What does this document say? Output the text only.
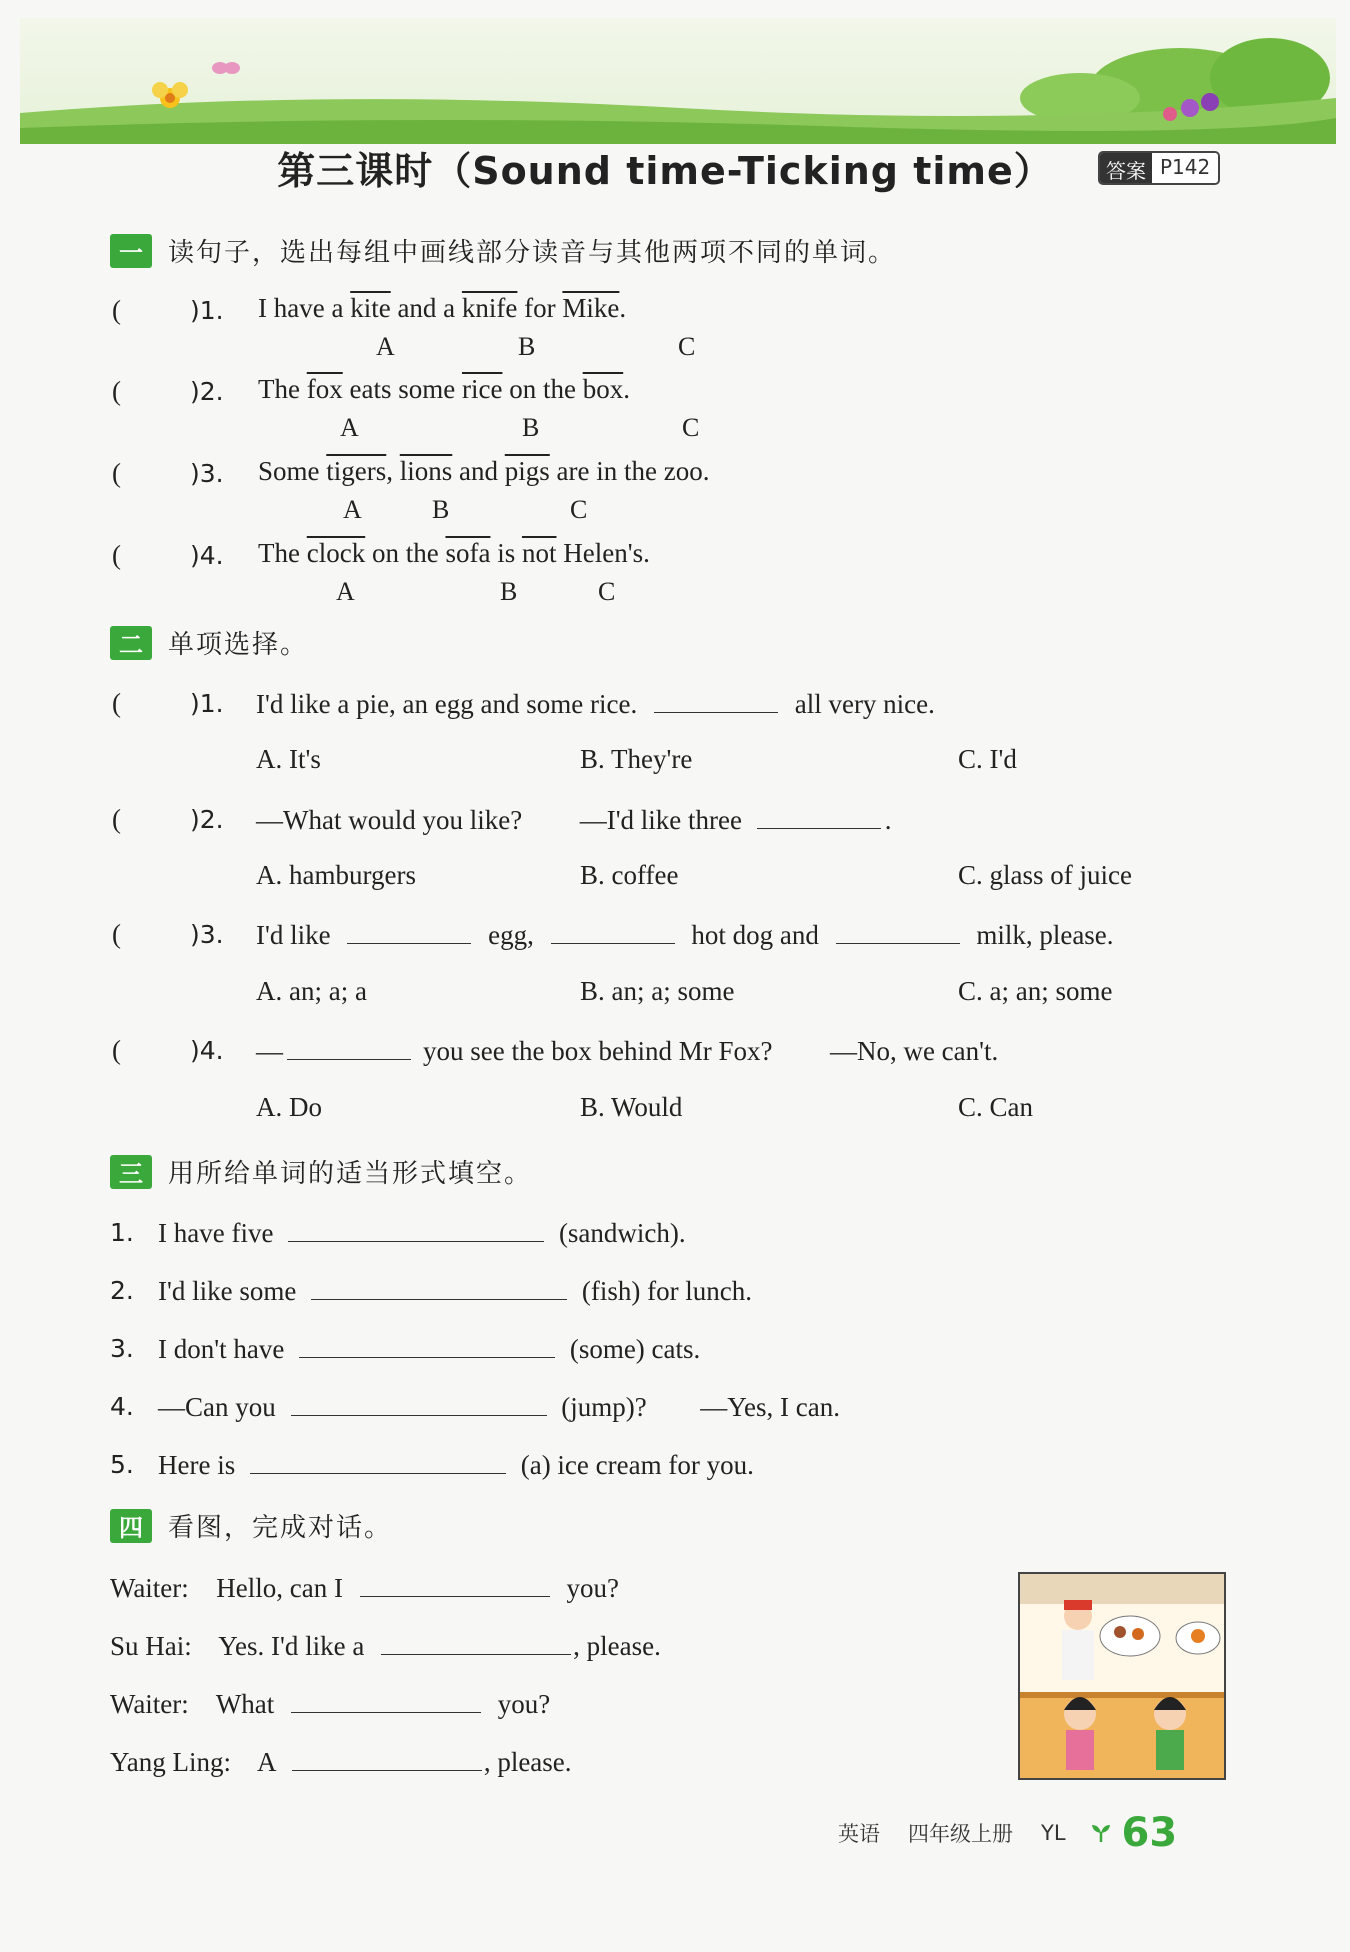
第三课时（Sound time-Ticking time）	答案 P142
一 读句子，选出每组中画线部分读音与其他两项不同的单词。
(	)1. I have a kite and a knife for Mike.
A	B	C
(	)2. The $\overline{fox}$ eats some rice on the $\overline{box}$.
A	B	C
(	)3. Some tigers, lions and pigs are in the zoo.
A	B	C
(	)4. The clock on the sofa is $\overline{not}$ Helen's.
A	B	C
二 单项选择。
(	)1. I'd like a pie, an egg and some rice.	all very nice.
A. It's	B. They're	C. I'd
(	)2. —What would you like? —I'd like three	.
A. hamburgers	B. coffee	C. glass of juice
(	)3. I'd like	egg,	hot dog and	milk, please.
A. an; a; a	B. an; a; some	C. a; an; some
(	)4. —	you see the box behind Mr Fox? —No, we can't.
A. Do	B. Would	C. Can
三 用所给单词的适当形式填空。
1. I have five	(sandwich).
2. I'd like some	(fish) for lunch.
3. I don't have	(some) cats.
4. —Can you	(jump)? —Yes, I can.
5. Here is	(a) ice cream for you.
四 看图，完成对话。
Waiter: Hello, can I	you?
Su Hai: Yes. I'd like a	, please.
Waiter: What	you?
Yang Ling: A	, please.
英语 四年级上册 YL 63
